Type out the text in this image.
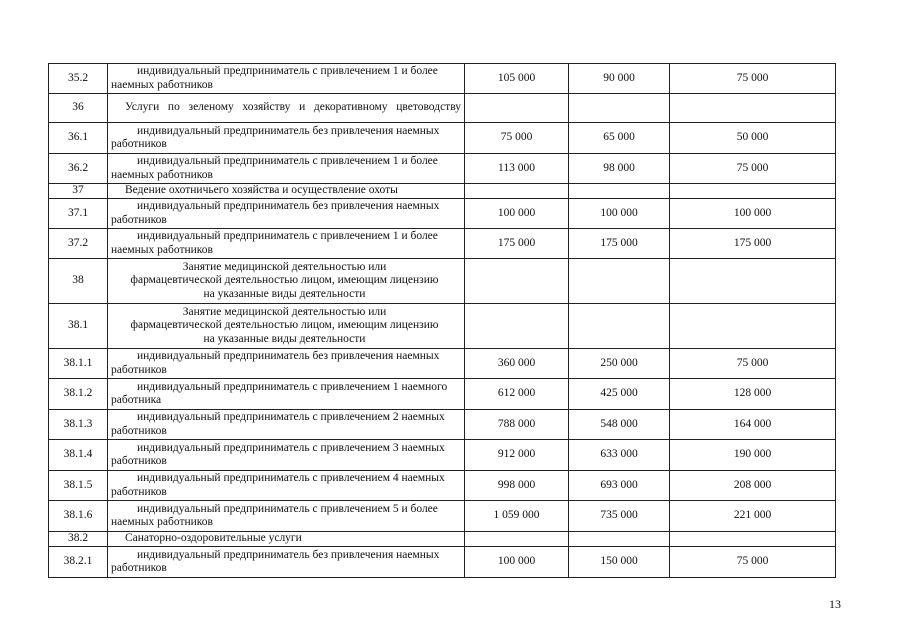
35.2	индивидуальный предприниматель с привлечением 1 и более наемных работников	105 000	90 000	75 000
36	Услуги по зеленому хозяйству и декоративному цветоводству			
36.1	индивидуальный предприниматель без привлечения наемных работников	75 000	65 000	50 000
36.2	индивидуальный предприниматель с привлечением 1 и более наемных работников	113 000	98 000	75 000
37	Ведение охотничьего хозяйства и осуществление охоты			
37.1	индивидуальный предприниматель без привлечения наемных работников	100 000	100 000	100 000
37.2	индивидуальный предприниматель с привлечением 1 и более наемных работников	175 000	175 000	175 000
38	Занятие медицинской деятельностью или
фармацевтической деятельностью лицом, имеющим лицензию
на указанные виды деятельности			

38.1	Занятие медицинской деятельностью или
фармацевтической деятельностью лицом, имеющим лицензию
на указанные виды деятельности			

38.1.1	индивидуальный предприниматель без привлечения наемных работников	360 000	250 000	75 000
38.1.2	индивидуальный предприниматель с привлечением 1 наемного работника	612 000	425 000	128 000
38.1.3	индивидуальный предприниматель с привлечением 2 наемных работников	788 000	548 000	164 000
38.1.4	индивидуальный предприниматель с привлечением 3 наемных работников	912 000	633 000	190 000
38.1.5	индивидуальный предприниматель с привлечением 4 наемных работников	998 000	693 000	208 000
38.1.6	индивидуальный предприниматель с привлечением 5 и более наемных работников	1 059 000	735 000	221 000
38.2	Санаторно-оздоровительные услуги			
38.2.1	индивидуальный предприниматель без привлечения наемных работников	100 000	150 000	75 000
13
